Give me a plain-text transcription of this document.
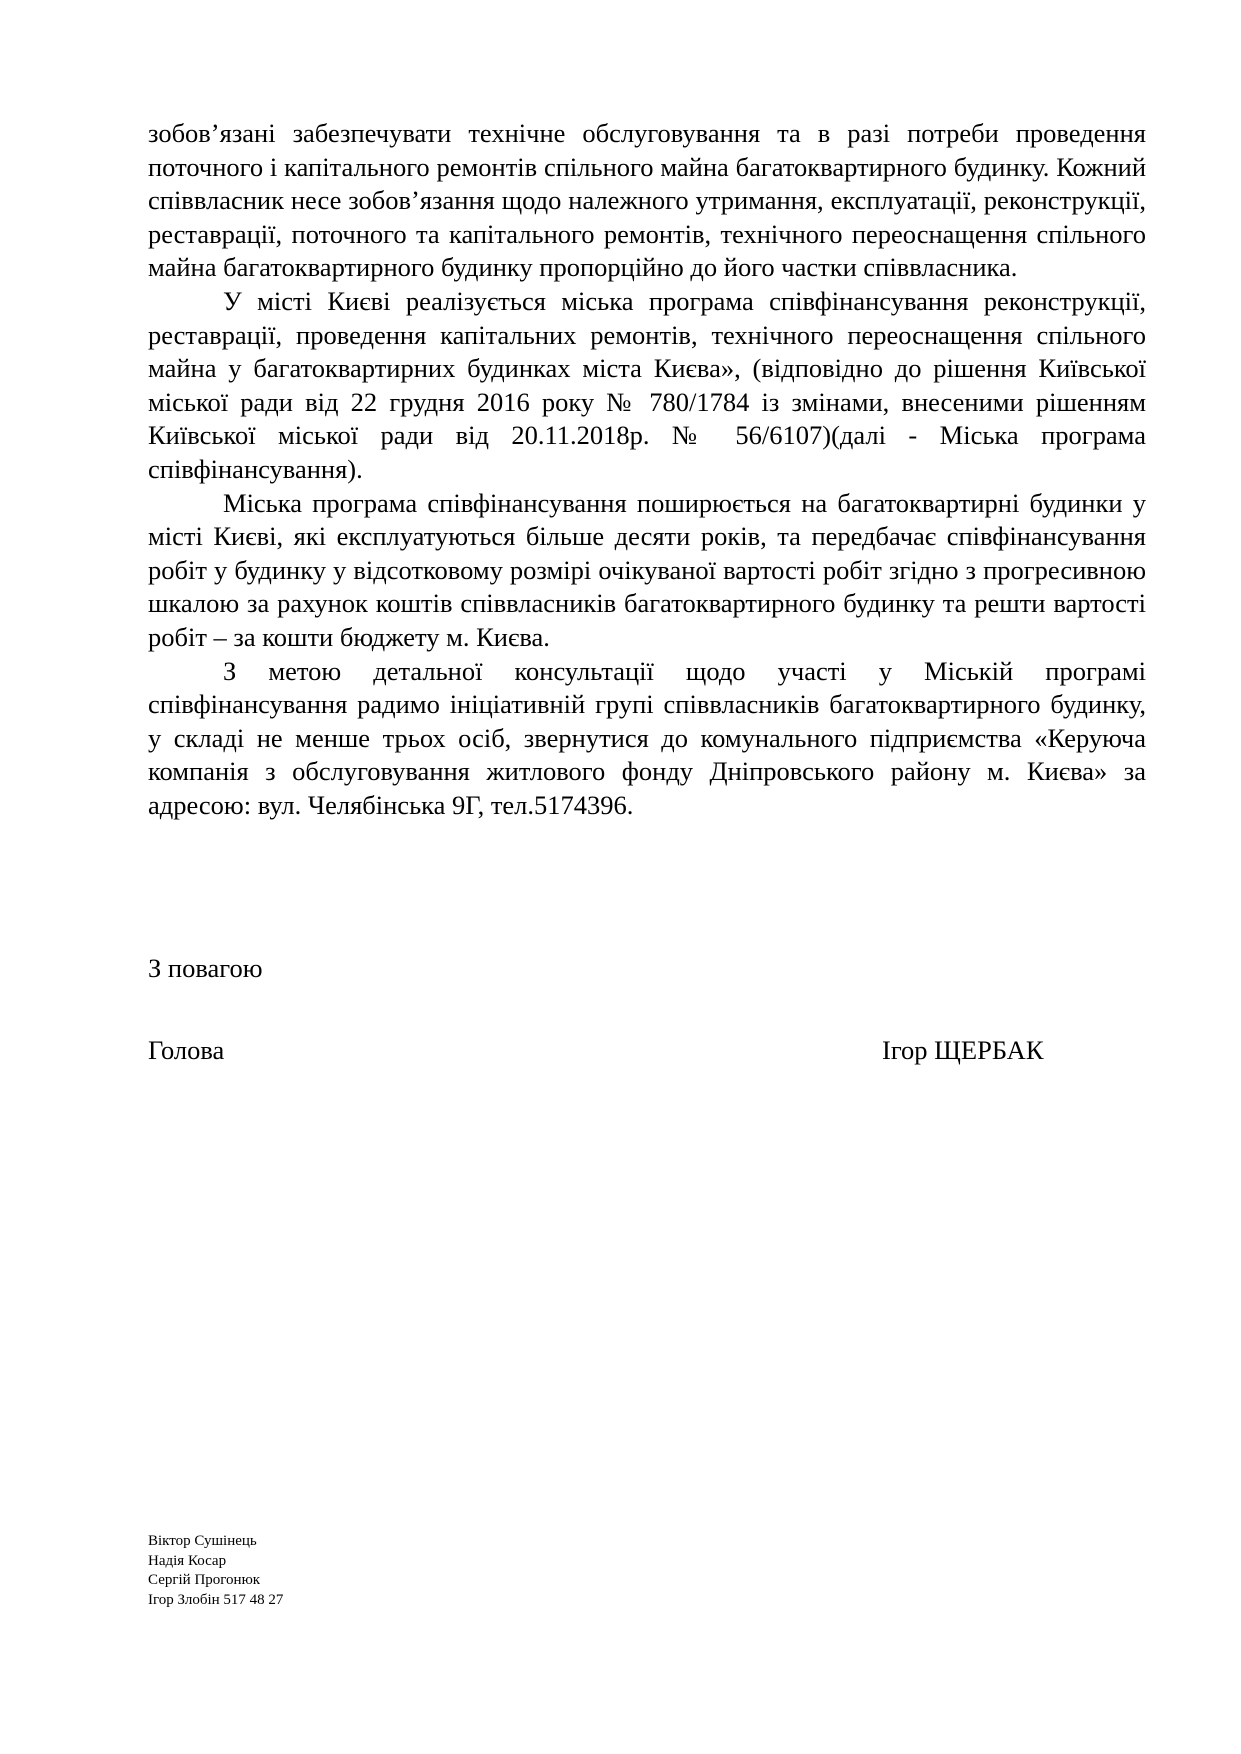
зобов’язані забезпечувати технічне обслуговування та в разі потреби проведення поточного і капітального ремонтів спільного майна багатоквартирного будинку. Кожний співвласник несе зобов’язання щодо належного утримання, експлуатації, реконструкції, реставрації, поточного та капітального ремонтів, технічного переоснащення спільного майна багатоквартирного будинку пропорційно до його частки співвласника.

У місті Києві реалізується міська програма співфінансування реконструкції, реставрації, проведення капітальних ремонтів, технічного переоснащення спільного майна у багатоквартирних будинках міста Києва», (відповідно до рішення Київської міської ради від 22 грудня 2016 року № 780/1784 із змінами, внесеними рішенням Київської міської ради від 20.11.2018р. № 56/6107)(далі - Міська програма співфінансування).

Міська програма співфінансування поширюється на багатоквартирні будинки у місті Києві, які експлуатуються більше десяти років, та передбачає співфінансування робіт у будинку у відсотковому розмірі очікуваної вартості робіт згідно з прогресивною шкалою за рахунок коштів співвласників багатоквартирного будинку та решти вартості робіт – за кошти бюджету м. Києва.

З метою детальної консультації щодо участі у Міській програмі співфінансування радимо ініціативній групі співвласників багатоквартирного будинку, у складі не менше трьох осіб, звернутися до комунального підприємства «Керуюча компанія з обслуговування житлового фонду Дніпровського району м. Києва» за адресою: вул. Челябінська 9Г, тел.5174396.

З повагою
Голова	Ігор ЩЕРБАК
Віктор Сушінець
Надія Косар
Сергій Прогонюк
Ігор Злобін 517 48 27
